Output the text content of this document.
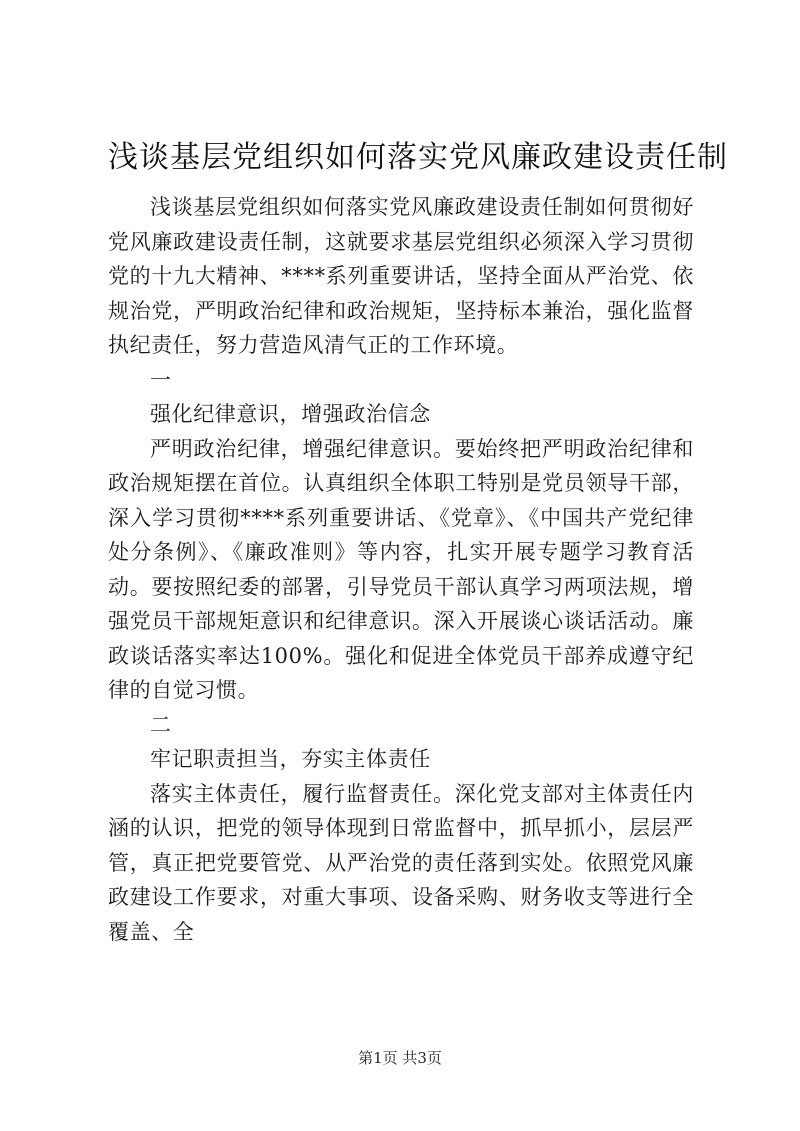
浅谈基层党组织如何落实党风廉政建设责任制

浅谈基层党组织如何落实党风廉政建设责任制如何贯彻好党风廉政建设责任制，这就要求基层党组织必须深入学习贯彻党的十九大精神、****系列重要讲话，坚持全面从严治党、依规治党，严明政治纪律和政治规矩，坚持标本兼治，强化监督执纪责任，努力营造风清气正的工作环境。

一

强化纪律意识，增强政治信念

严明政治纪律，增强纪律意识。要始终把严明政治纪律和政治规矩摆在首位。认真组织全体职工特别是党员领导干部，深入学习贯彻****系列重要讲话、《党章》、《中国共产党纪律处分条例》、《廉政准则》等内容，扎实开展专题学习教育活动。要按照纪委的部署，引导党员干部认真学习两项法规，增强党员干部规矩意识和纪律意识。深入开展谈心谈话活动。廉政谈话落实率达100%。强化和促进全体党员干部养成遵守纪律的自觉习惯。

二

牢记职责担当，夯实主体责任

落实主体责任，履行监督责任。深化党支部对主体责任内涵的认识，把党的领导体现到日常监督中，抓早抓小，层层严管，真正把党要管党、从严治党的责任落到实处。依照党风廉政建设工作要求，对重大事项、设备采购、财务收支等进行全覆盖、全

第1页 共3页
